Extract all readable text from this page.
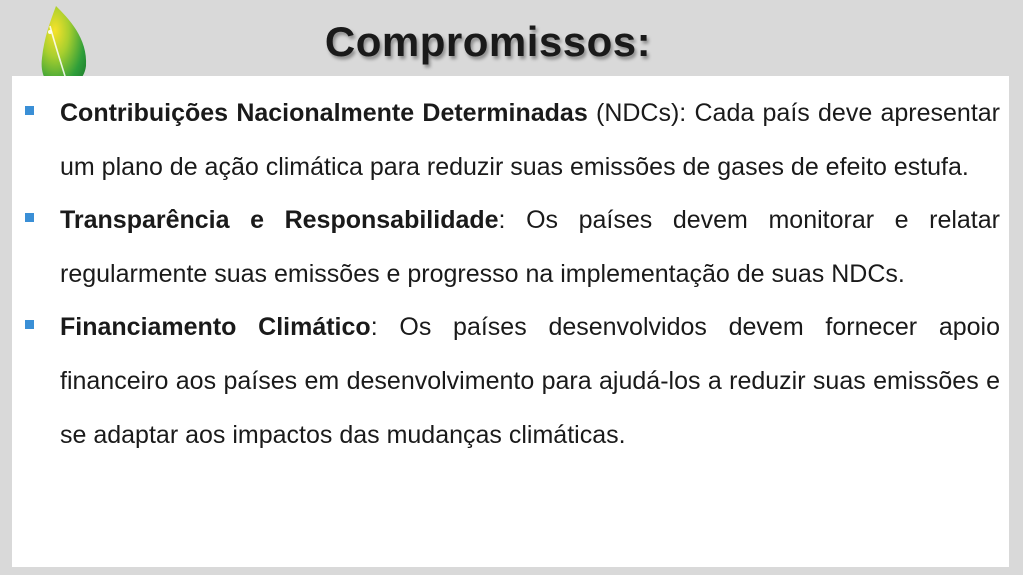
Compromissos:
Contribuições Nacionalmente Determinadas (NDCs): Cada país deve apresentar um plano de ação climática para reduzir suas emissões de gases de efeito estufa.
Transparência e Responsabilidade: Os países devem monitorar e relatar regularmente suas emissões e progresso na implementação de suas NDCs.
Financiamento Climático: Os países desenvolvidos devem fornecer apoio financeiro aos países em desenvolvimento para ajudá-los a reduzir suas emissões e se adaptar aos impactos das mudanças climáticas.
